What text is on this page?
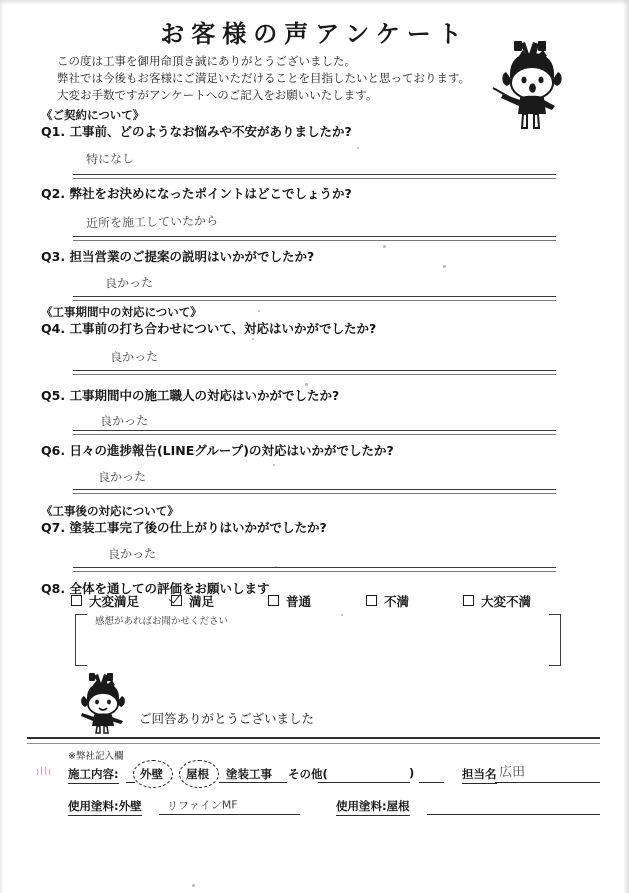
お客様の声アンケート
この度は工事を御用命頂き誠にありがとうございました。
弊社では今後もお客様にご満足いただけることを目指したいと思っております。
大変お手数ですがアンケートへのご記入をお願いいたします。
《ご契約について》
Q1. 工事前、どのようなお悩みや不安がありましたか?
特になし
Q2. 弊社をお決めになったポイントはどこでしょうか?
近所を施工していたから
Q3. 担当営業のご提案の説明はいかがでしたか?
良かった
《工事期間中の対応について》
Q4. 工事前の打ち合わせについて、対応はいかがでしたか?
良かった
Q5. 工事期間中の施工職人の対応はいかがでしたか?
良かった
Q6. 日々の進捗報告(LINEグループ)の対応はいかがでしたか?
良かった
《工事後の対応について》
Q7. 塗装工事完了後の仕上がりはいかがでしたか?
良かった
Q8. 全体を通しての評価をお願いします
大変満足	満足	普通	不満	大変不満
感想があればお聞かせください
ご回答ありがとうございました
※弊社記入欄
ıllı 施工内容: 外壁 屋根 塗装工事 その他(	)	担当名 広田
使用塗料:外壁 リファインMF	使用塗料:屋根
